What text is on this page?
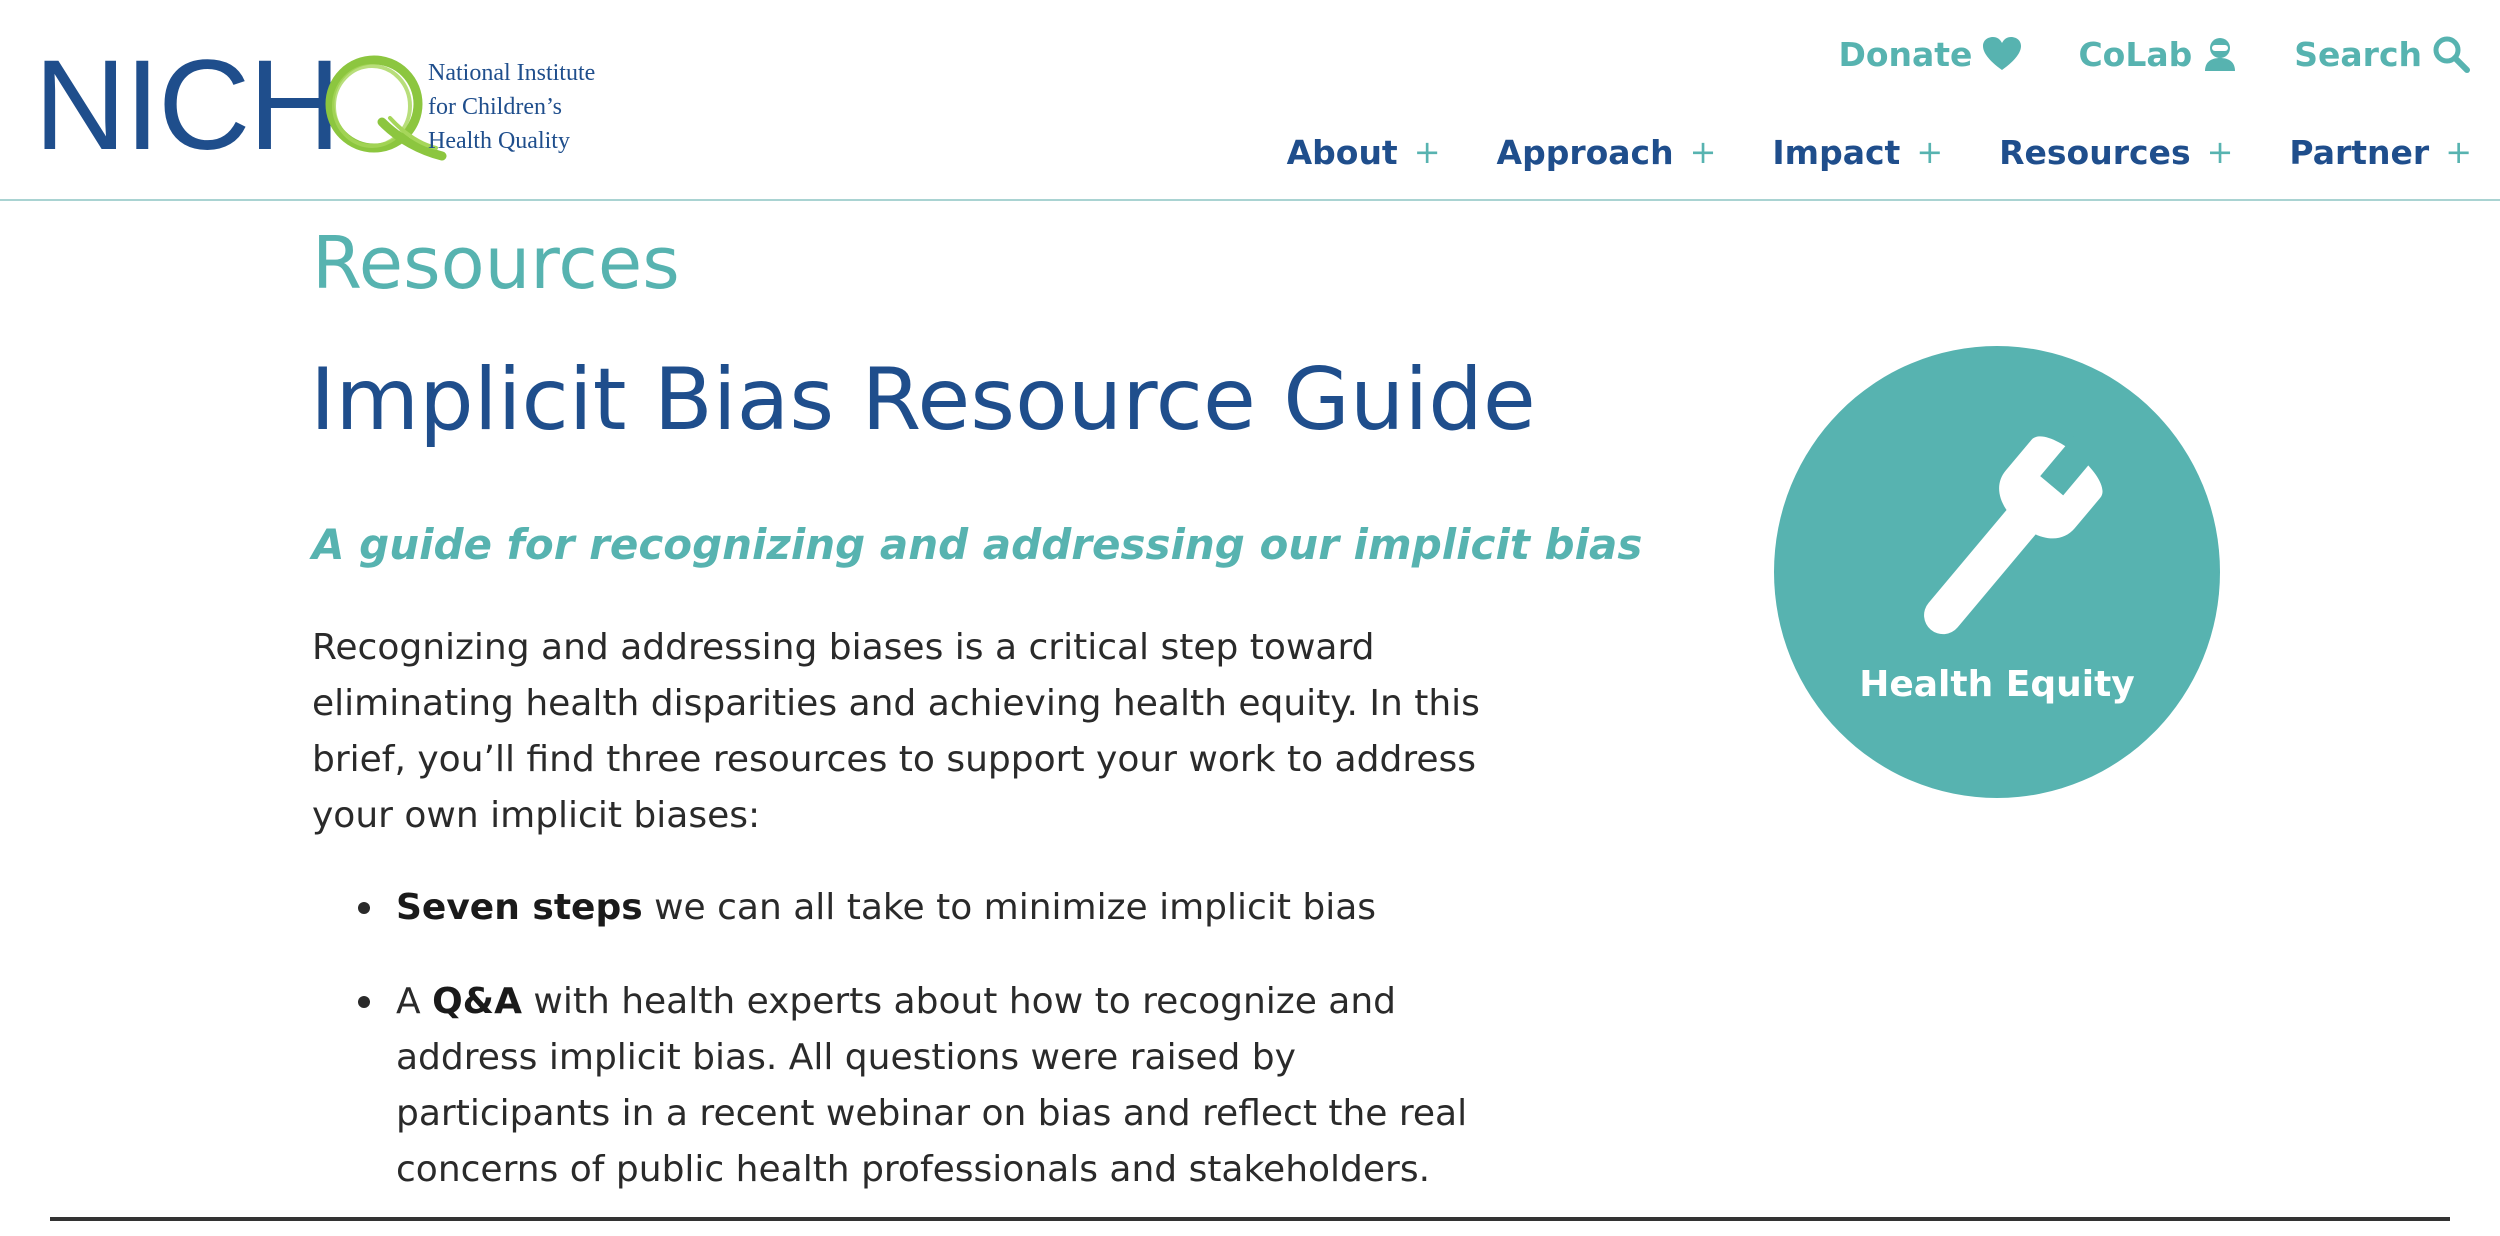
NICH	National Institute
for Children’s
Health Quality
Donate	CoLab	Search
About + Approach + Impact + Resources + Partner +
Resources
Implicit Bias Resource Guide
A guide for recognizing and addressing our implicit bias

Recognizing and addressing biases is a critical step toward eliminating health disparities and achieving health equity. In this brief, you’ll find three resources to support your work to address your own implicit biases:

Seven steps we can all take to minimize implicit bias
A Q&A with health experts about how to recognize and address implicit bias. All questions were raised by participants in a recent webinar on bias and reflect the real concerns of public health professionals and stakeholders.
Health Equity
